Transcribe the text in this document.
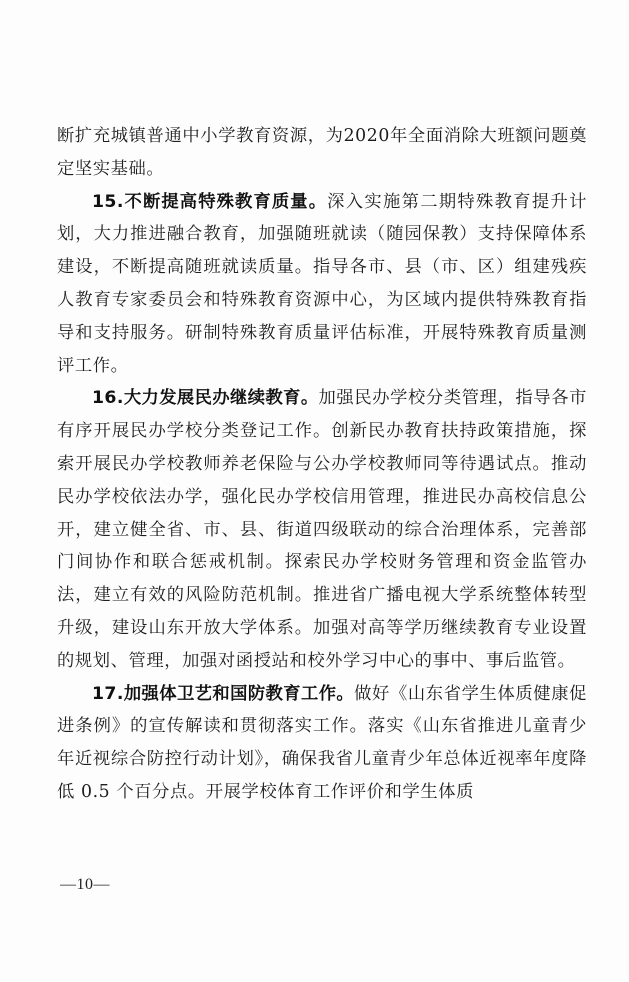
断扩充城镇普通中小学教育资源，为2020年全面消除大班额问题奠定坚实基础。

15.不断提高特殊教育质量。深入实施第二期特殊教育提升计划，大力推进融合教育，加强随班就读（随园保教）支持保障体系建设，不断提高随班就读质量。指导各市、县（市、区）组建残疾人教育专家委员会和特殊教育资源中心，为区域内提供特殊教育指导和支持服务。研制特殊教育质量评估标准，开展特殊教育质量测评工作。

16.大力发展民办继续教育。加强民办学校分类管理，指导各市有序开展民办学校分类登记工作。创新民办教育扶持政策措施，探索开展民办学校教师养老保险与公办学校教师同等待遇试点。推动民办学校依法办学，强化民办学校信用管理，推进民办高校信息公开，建立健全省、市、县、街道四级联动的综合治理体系，完善部门间协作和联合惩戒机制。探索民办学校财务管理和资金监管办法，建立有效的风险防范机制。推进省广播电视大学系统整体转型升级，建设山东开放大学体系。加强对高等学历继续教育专业设置的规划、管理，加强对函授站和校外学习中心的事中、事后监管。

17.加强体卫艺和国防教育工作。做好《山东省学生体质健康促进条例》的宣传解读和贯彻落实工作。落实《山东省推进儿童青少年近视综合防控行动计划》，确保我省儿童青少年总体近视率年度降低 0.5 个百分点。开展学校体育工作评价和学生体质

—10—
